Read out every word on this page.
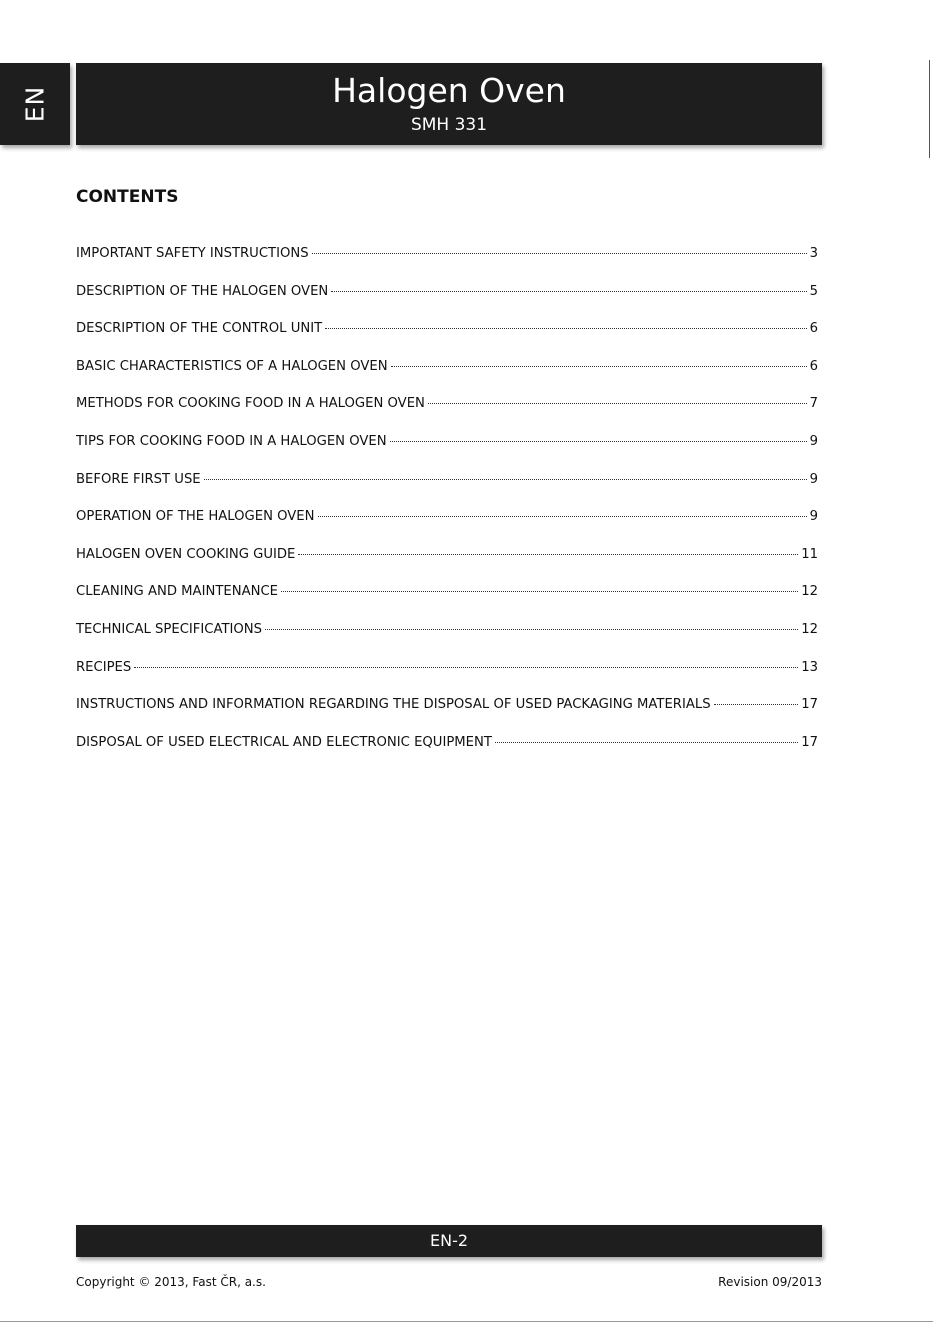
EN	Halogen Oven
SMH 331
CONTENTS
IMPORTANT SAFETY INSTRUCTIONS	3
DESCRIPTION OF THE HALOGEN OVEN	5
DESCRIPTION OF THE CONTROL UNIT	6
BASIC CHARACTERISTICS OF A HALOGEN OVEN	6
METHODS FOR COOKING FOOD IN A HALOGEN OVEN	7
TIPS FOR COOKING FOOD IN A HALOGEN OVEN	9
BEFORE FIRST USE	9
OPERATION OF THE HALOGEN OVEN	9
HALOGEN OVEN COOKING GUIDE	11
CLEANING AND MAINTENANCE	12
TECHNICAL SPECIFICATIONS	12
RECIPES	13
INSTRUCTIONS AND INFORMATION REGARDING THE DISPOSAL OF USED PACKAGING MATERIALS	17
DISPOSAL OF USED ELECTRICAL AND ELECTRONIC EQUIPMENT	17
EN-2
Copyright © 2013, Fast ČR, a.s.	Revision 09/2013
